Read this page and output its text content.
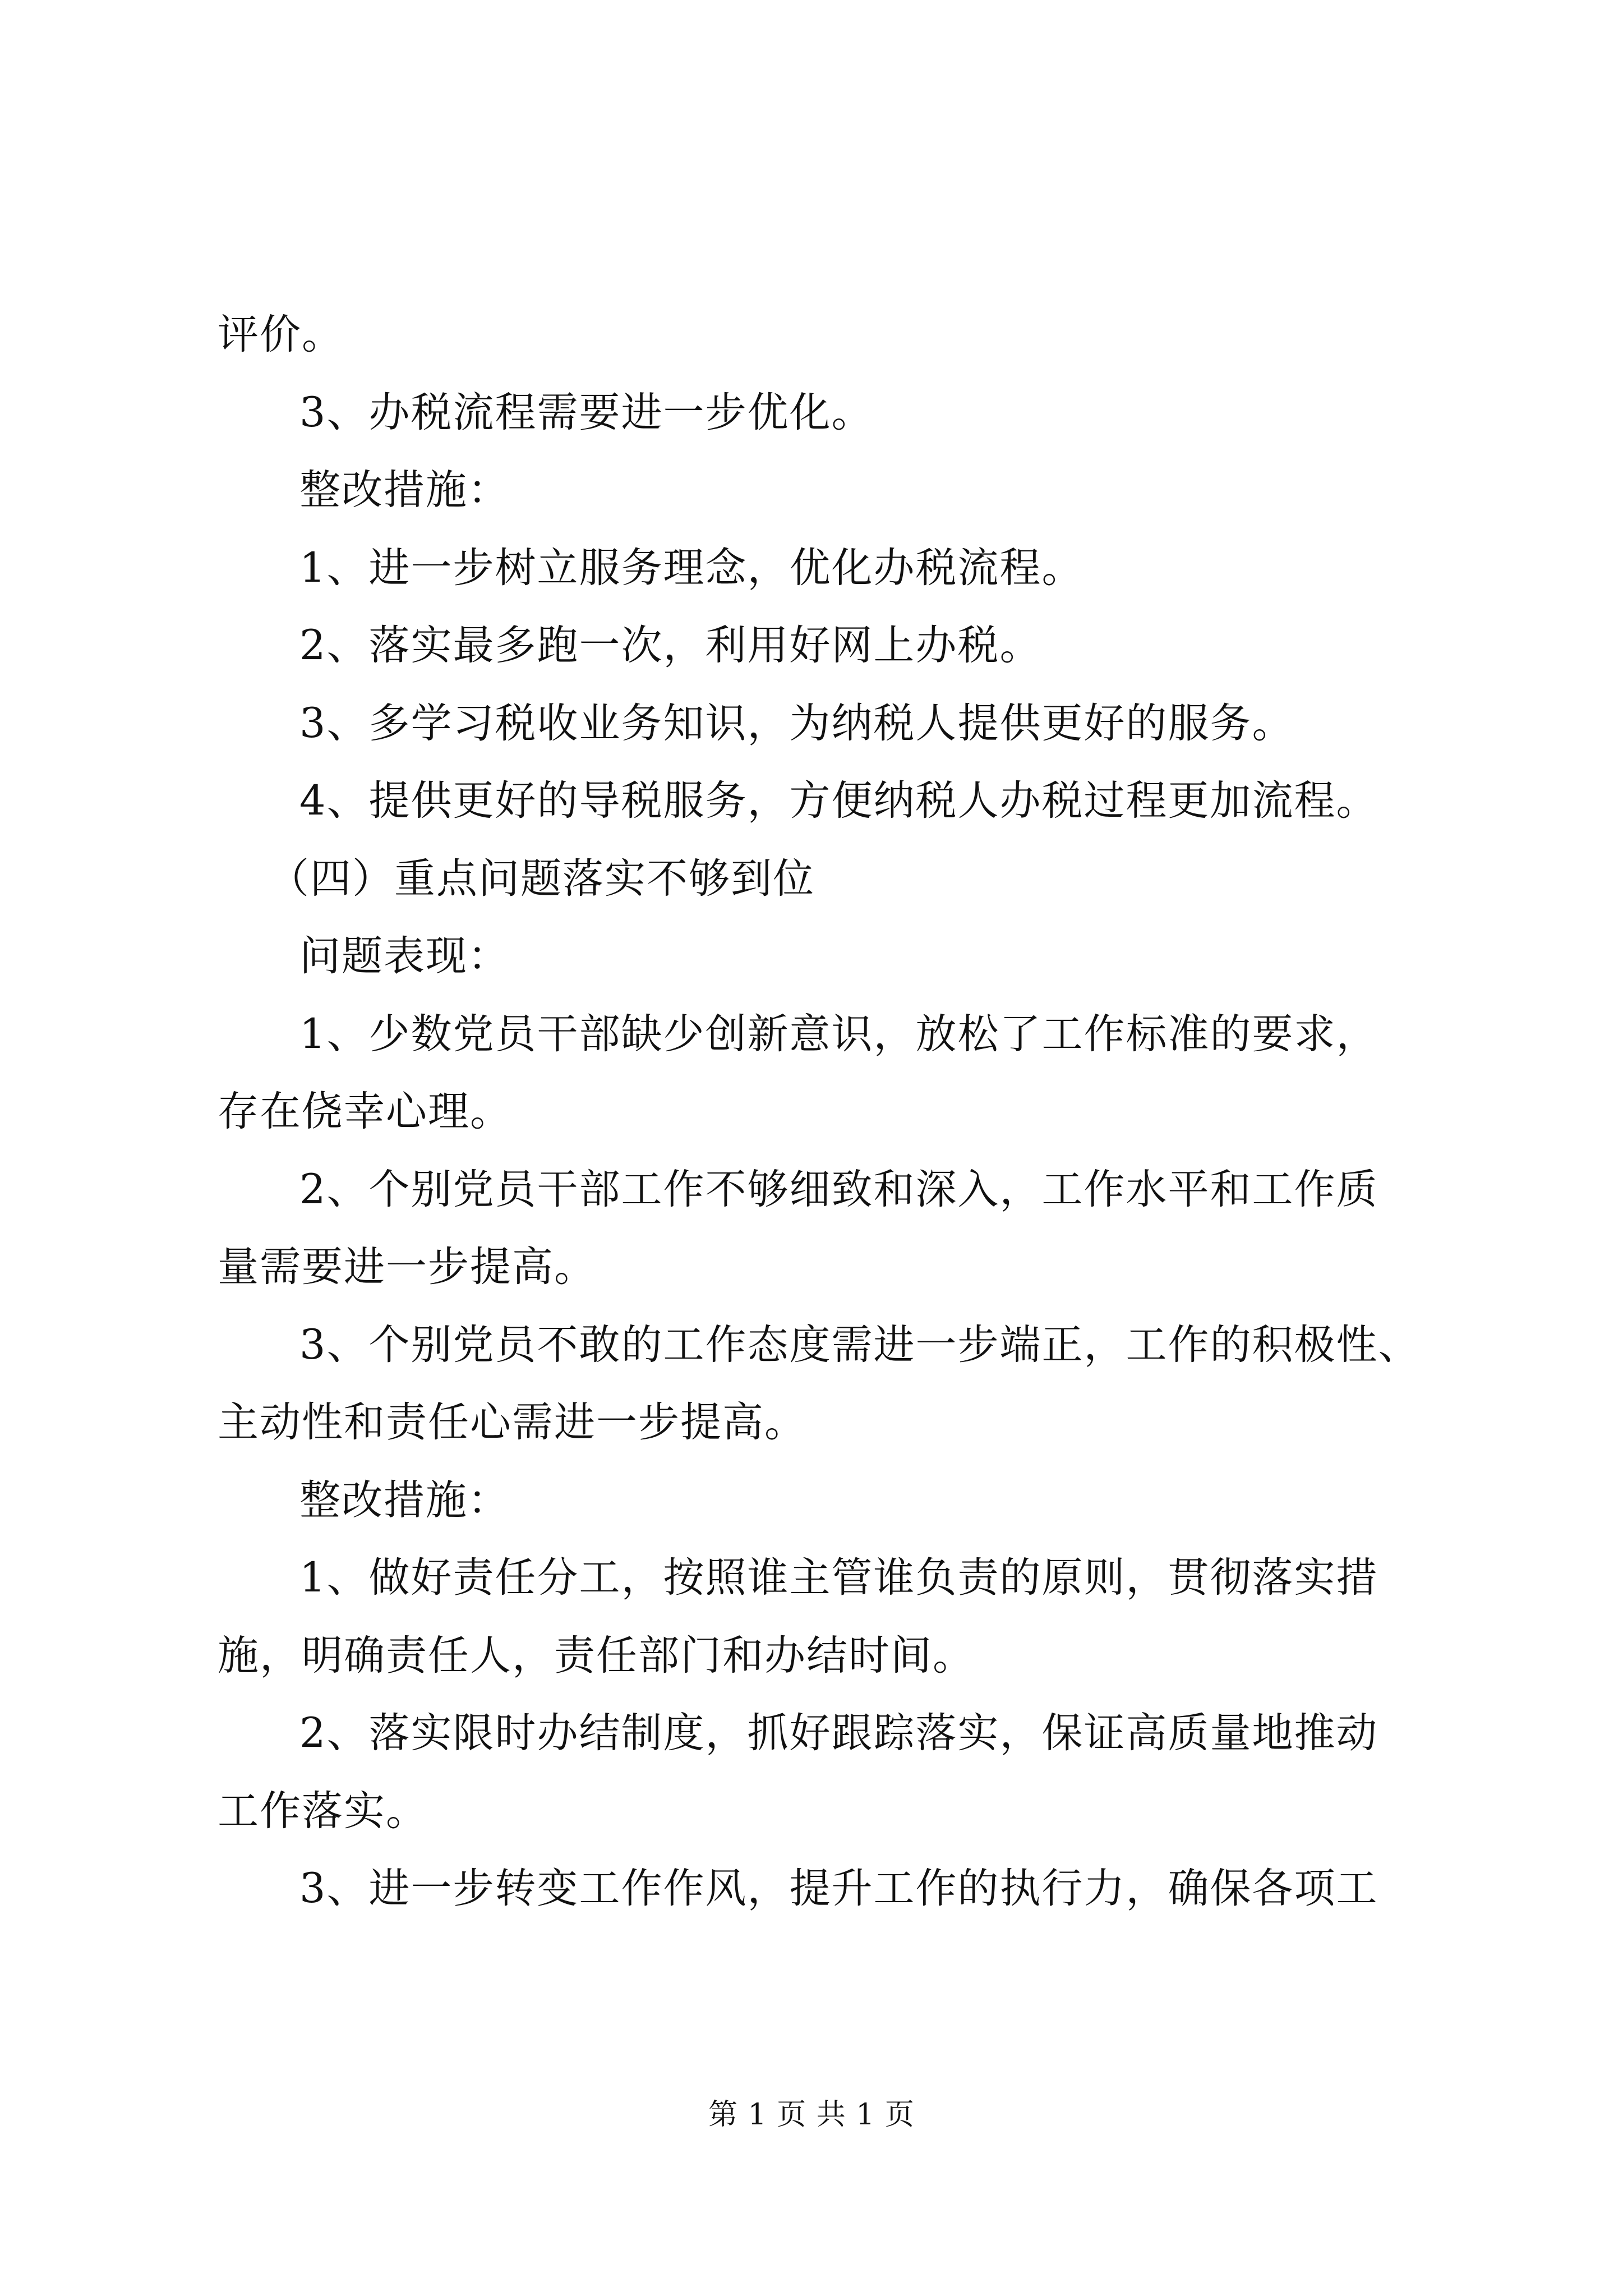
评价。
3、办税流程需要进一步优化。
整改措施：
1、进一步树立服务理念，优化办税流程。
2、落实最多跑一次，利用好网上办税。
3、多学习税收业务知识，为纳税人提供更好的服务。
4、提供更好的导税服务，方便纳税人办税过程更加流程。
（四）重点问题落实不够到位
问题表现：
1、少数党员干部缺少创新意识，放松了工作标准的要求，
存在侥幸心理。
2、个别党员干部工作不够细致和深入，工作水平和工作质
量需要进一步提高。
3、个别党员不敢的工作态度需进一步端正，工作的积极性、
主动性和责任心需进一步提高。
整改措施：
1、做好责任分工，按照谁主管谁负责的原则，贯彻落实措
施，明确责任人，责任部门和办结时间。
2、落实限时办结制度，抓好跟踪落实，保证高质量地推动
工作落实。
3、进一步转变工作作风，提升工作的执行力，确保各项工
第 1 页 共 1 页
